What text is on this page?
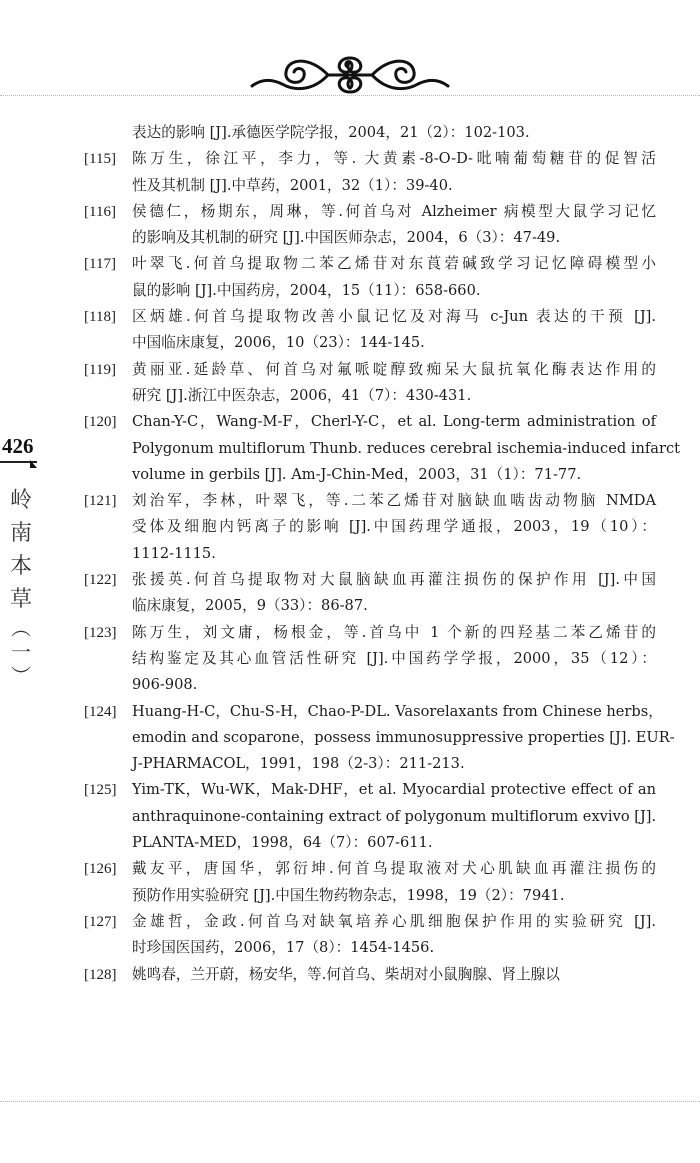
426
岭
南
本
草
︵
一
︶
表达的影响 [J].承德医学院学报，2004，21（2）：102-103.
[115] 陈万生，徐江平，李力，等. 大黄素-8-O-D-吡喃葡萄糖苷的促智活
性及其机制 [J].中草药，2001，32（1）：39-40.
[116] 侯德仁，杨期东，周琳，等.何首乌对 Alzheimer 病模型大鼠学习记忆
的影响及其机制的研究 [J].中国医师杂志，2004，6（3）：47-49.
[117] 叶翠飞.何首乌提取物二苯乙烯苷对东莨菪碱致学习记忆障碍模型小
鼠的影响 [J].中国药房，2004，15（11）：658-660.
[118] 区炳雄.何首乌提取物改善小鼠记忆及对海马 c-Jun 表达的干预 [J].
中国临床康复，2006，10（23）：144-145.
[119] 黄丽亚.延龄草、何首乌对氟哌啶醇致痴呆大鼠抗氧化酶表达作用的
研究 [J].浙江中医杂志，2006，41（7）：430-431.
[120] Chan-Y-C，Wang-M-F，Cherl-Y-C，et al. Long-term administration of
Polygonum multiflorum Thunb. reduces cerebral ischemia-induced infarct
volume in gerbils [J]. Am-J-Chin-Med，2003，31（1）：71-77.
[121] 刘治军，李林，叶翠飞，等.二苯乙烯苷对脑缺血啮齿动物脑 NMDA
受体及细胞内钙离子的影响 [J].中国药理学通报，2003，19（10）：
1112-1115.
[122] 张援英.何首乌提取物对大鼠脑缺血再灌注损伤的保护作用 [J].中国
临床康复，2005，9（33）：86-87.
[123] 陈万生，刘文庸，杨根金，等.首乌中 1 个新的四羟基二苯乙烯苷的
结构鉴定及其心血管活性研究 [J].中国药学学报，2000，35（12）：
906-908.
[124] Huang-H-C，Chu-S-H，Chao-P-DL. Vasorelaxants from Chinese herbs，
emodin and scoparone，possess immunosuppressive properties [J]. EUR-
J-PHARMACOL，1991，198（2-3）：211-213.
[125] Yim-TK，Wu-WK，Mak-DHF，et al. Myocardial protective effect of an
anthraquinone-containing extract of polygonum multiflorum exvivo [J].
PLANTA-MED，1998，64（7）：607-611.
[126] 戴友平，唐国华，郭衍坤.何首乌提取液对犬心肌缺血再灌注损伤的
预防作用实验研究 [J].中国生物药物杂志，1998，19（2）：7941.
[127] 金雄哲，金政.何首乌对缺氧培养心肌细胞保护作用的实验研究 [J].
时珍国医国药，2006，17（8）：1454-1456.
[128] 姚鸣春，兰开蔚，杨安华，等.何首乌、柴胡对小鼠胸腺、肾上腺以
